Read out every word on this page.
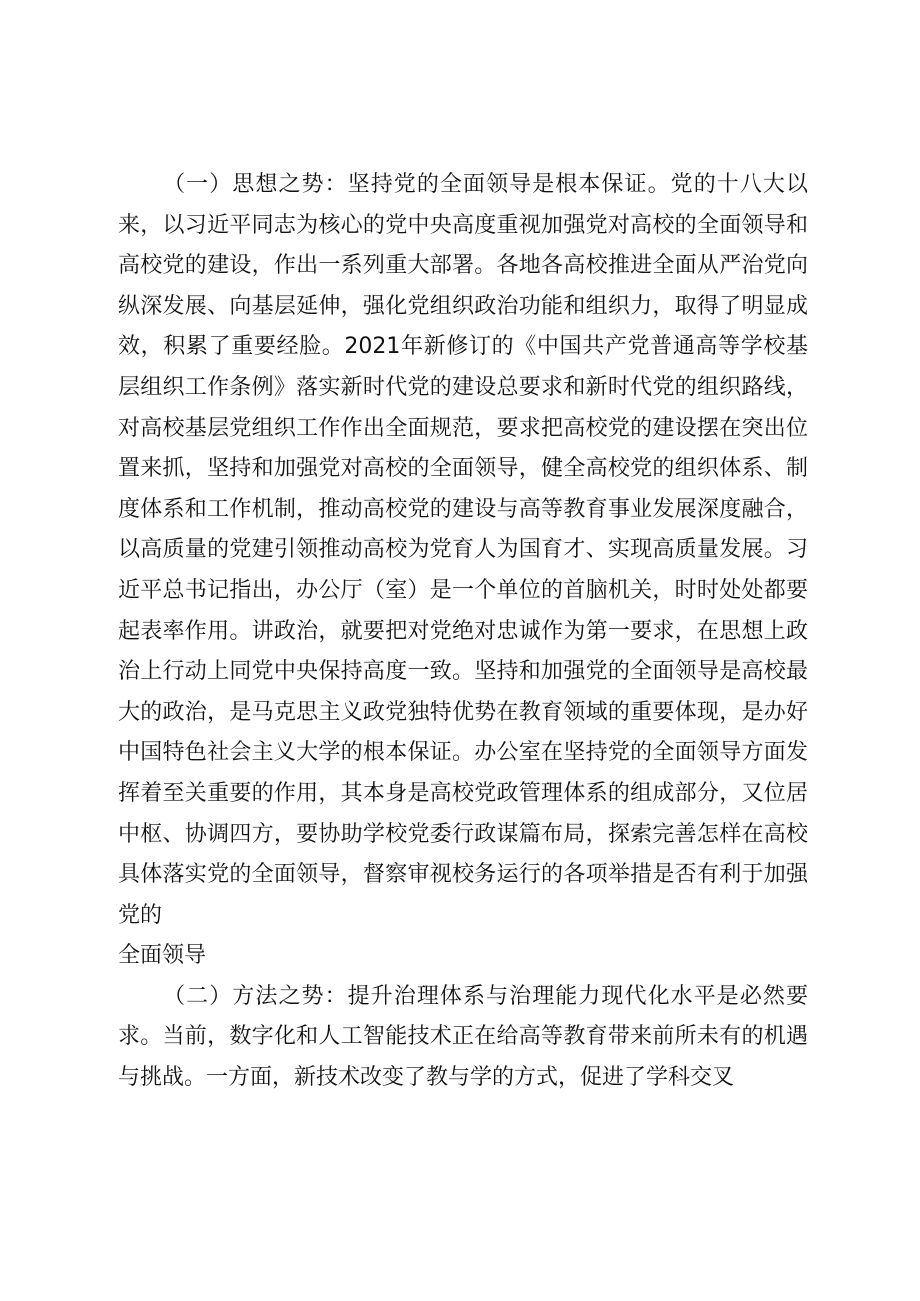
（一）思想之势：坚持党的全面领导是根本保证。党的十八大以来，以习近平同志为核心的党中央高度重视加强党对高校的全面领导和高校党的建设，作出一系列重大部署。各地各高校推进全面从严治党向纵深发展、向基层延伸，强化党组织政治功能和组织力，取得了明显成效，积累了重要经脸。2021年新修订的《中国共产党普通高等学校基层组织工作条例》落实新时代党的建设总要求和新时代党的组织路线，对高校基层党组织工作作出全面规范，要求把高校党的建设摆在突出位置来抓，坚持和加强党对高校的全面领导，健全高校党的组织体系、制度体系和工作机制，推动高校党的建设与高等教育事业发展深度融合，以高质量的党建引领推动高校为党育人为国育才、实现高质量发展。习近平总书记指出，办公厅（室）是一个单位的首脑机关，时时处处都要起表率作用。讲政治，就要把对党绝对忠诚作为第一要求，在思想上政治上行动上同党中央保持高度一致。坚持和加强党的全面领导是高校最大的政治，是马克思主义政党独特优势在教育领域的重要体现，是办好中国特色社会主义大学的根本保证。办公室在坚持党的全面领导方面发挥着至关重要的作用，其本身是高校党政管理体系的组成部分，又位居中枢、协调四方，要协助学校党委行政谋篇布局，探索完善怎样在高校具体落实党的全面领导，督察审视校务运行的各项举措是否有利于加强党的

全面领导

（二）方法之势：提升治理体系与治理能力现代化水平是必然要求。当前，数字化和人工智能技术正在给高等教育带来前所未有的机遇与挑战。一方面，新技术改变了教与学的方式，促进了学科交叉
